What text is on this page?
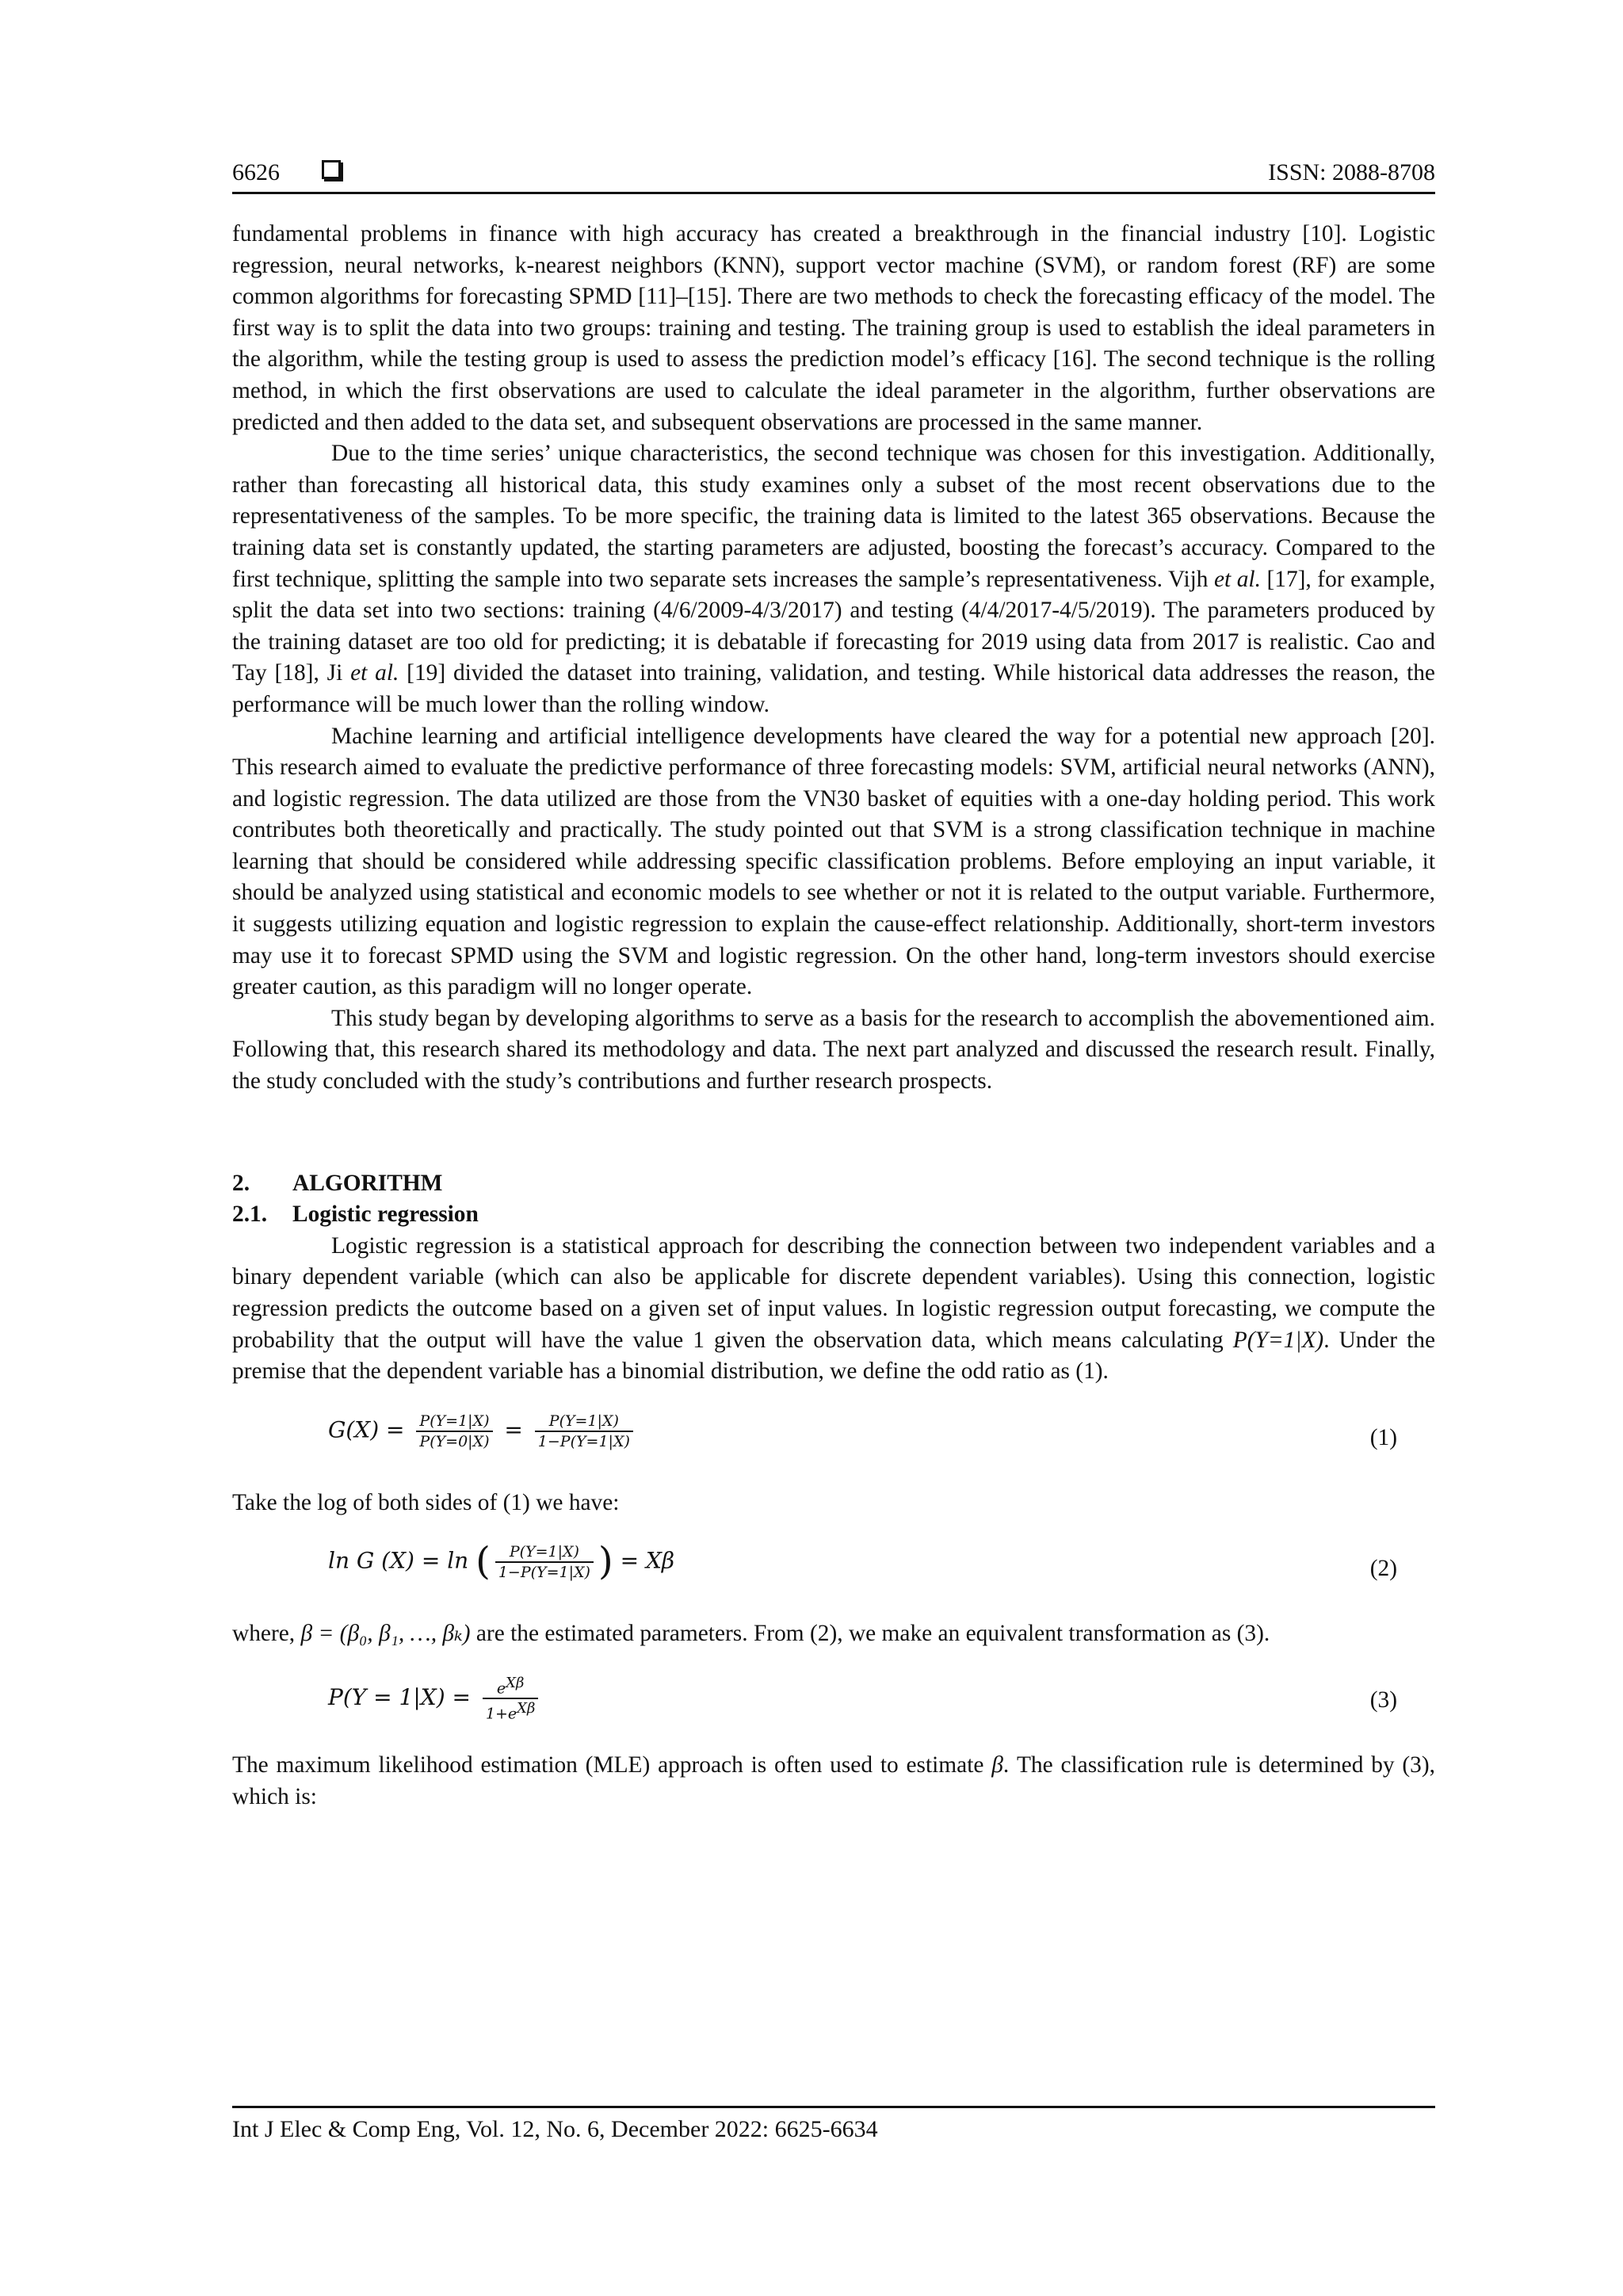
6626	ISSN: 2088-8708

fundamental problems in finance with high accuracy has created a breakthrough in the financial industry [10]. Logistic regression, neural networks, k-nearest neighbors (KNN), support vector machine (SVM), or random forest (RF) are some common algorithms for forecasting SPMD [11]–[15]. There are two methods to check the forecasting efficacy of the model. The first way is to split the data into two groups: training and testing. The training group is used to establish the ideal parameters in the algorithm, while the testing group is used to assess the prediction model’s efficacy [16]. The second technique is the rolling method, in which the first observations are used to calculate the ideal parameter in the algorithm, further observations are predicted and then added to the data set, and subsequent observations are processed in the same manner.

Due to the time series’ unique characteristics, the second technique was chosen for this investigation. Additionally, rather than forecasting all historical data, this study examines only a subset of the most recent observations due to the representativeness of the samples. To be more specific, the training data is limited to the latest 365 observations. Because the training data set is constantly updated, the starting parameters are adjusted, boosting the forecast’s accuracy. Compared to the first technique, splitting the sample into two separate sets increases the sample’s representativeness. Vijh et al. [17], for example, split the data set into two sections: training (4/6/2009-4/3/2017) and testing (4/4/2017-4/5/2019). The parameters produced by the training dataset are too old for predicting; it is debatable if forecasting for 2019 using data from 2017 is realistic. Cao and Tay [18], Ji et al. [19] divided the dataset into training, validation, and testing. While historical data addresses the reason, the performance will be much lower than the rolling window.

Machine learning and artificial intelligence developments have cleared the way for a potential new approach [20]. This research aimed to evaluate the predictive performance of three forecasting models: SVM, artificial neural networks (ANN), and logistic regression. The data utilized are those from the VN30 basket of equities with a one-day holding period. This work contributes both theoretically and practically. The study pointed out that SVM is a strong classification technique in machine learning that should be considered while addressing specific classification problems. Before employing an input variable, it should be analyzed using statistical and economic models to see whether or not it is related to the output variable. Furthermore, it suggests utilizing equation and logistic regression to explain the cause-effect relationship. Additionally, short-term investors may use it to forecast SPMD using the SVM and logistic regression. On the other hand, long-term investors should exercise greater caution, as this paradigm will no longer operate.

This study began by developing algorithms to serve as a basis for the research to accomplish the abovementioned aim. Following that, this research shared its methodology and data. The next part analyzed and discussed the research result. Finally, the study concluded with the study’s contributions and further research prospects.

2. ALGORITHM

2.1. Logistic regression

Logistic regression is a statistical approach for describing the connection between two independent variables and a binary dependent variable (which can also be applicable for discrete dependent variables). Using this connection, logistic regression predicts the outcome based on a given set of input values. In logistic regression output forecasting, we compute the probability that the output will have the value 1 given the observation data, which means calculating P(Y=1|X). Under the premise that the dependent variable has a binomial distribution, we define the odd ratio as (1).

$G(X) = \frac{P(Y=1|X)}{P(Y=0|X)} = \frac{P(Y=1|X)}{1-P(Y=1|X)}$	(1)

Take the log of both sides of (1) we have:

ln G (X) = ln ( $\frac{P(Y=1|X)}{1-P(Y=1|X)}$ ) = Xβ	(2)

where, β = (β₀, β₁, …, βₖ) are the estimated parameters. From (2), we make an equivalent transformation as (3).

$P(Y = 1|X) = \frac{\text{eXβ}}{\text{1+eXβ}}$	(3)

The maximum likelihood estimation (MLE) approach is often used to estimate β. The classification rule is determined by (3), which is:

Int J Elec & Comp Eng, Vol. 12, No. 6, December 2022: 6625-6634
